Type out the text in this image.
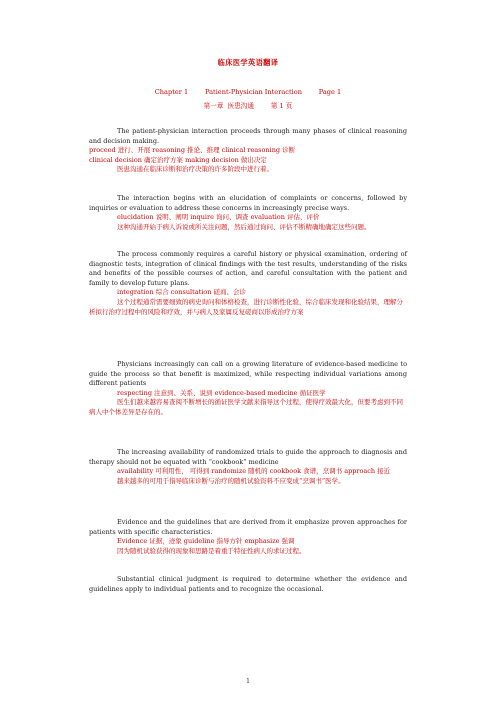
临床医学英语翻译
Chapter 1        Patient-Physician Interaction        Page 1
第一章  医患沟通        第 1 页
The patient-physician interaction proceeds through many phases of clinical reasoning and decision making.
proceed 进行、开展 reasoning 推论、推理 clinical reasoning 诊断
clinical decision 确定治疗方案 making decision 做出决定
医患沟通在临床诊断和治疗决策的许多阶段中进行着。
The interaction begins with an elucidation of complaints or concerns, followed by inquiries or evaluation to address these concerns in increasingly precise ways.
elucidation 说明、阐明 inquire 询问、调查 evaluation 评估、评价
这种沟通开始于病人诉说或所关注问题，然后通过询问、评估不断精确地确定这些问题。
The process commonly requires a careful history or physical examination, ordering of diagnostic tests, integration of clinical findings with the test results, understanding of the risks and benefits of the possible courses of action, and careful consultation with the patient and family to develop future plans.
integration 综合 consultation 磋商、会诊
这个过程通常需要细致的病史询问和体格检查，进行诊断性化验，综合临床发现和化验结果，理解分析拟行治疗过程中的风险和疗效，并与病人及家属反复磋商以形成治疗方案
Physicians increasingly can call on a growing literature of evidence-based medicine to guide the process so that benefit is maximized, while respecting individual variations among different patients
respecting 注意到、关系、说到 evidence-based medicine 循证医学
医生们越来越容易查阅不断增长的循证医学文献来指导这个过程，使得疗效最大化，但要考虑到不同病人中个体差异是存在的。
The increasing availability of randomized trials to guide the approach to diagnosis and therapy should not be equated with “cookbook” medicine
availability 可利用性， 可得到 randomize 随机的 cookbook 食谱，烹调书 approach 接近
越来越多的可用于指导临床诊断与治疗的随机试验资料不应变成“烹调书”医学。
Evidence and the guidelines that are derived from it emphasize proven approaches for patients with specific characteristics.
Evidence 证据，迹象 guideline 指导方针 emphasize 强调
因为随机试验获得的现象和思路是着重于特征性病人的求证过程。
Substantial clinical judgment is required to determine whether the evidence and guidelines apply to individual patients and to recognize the occasional.
1
